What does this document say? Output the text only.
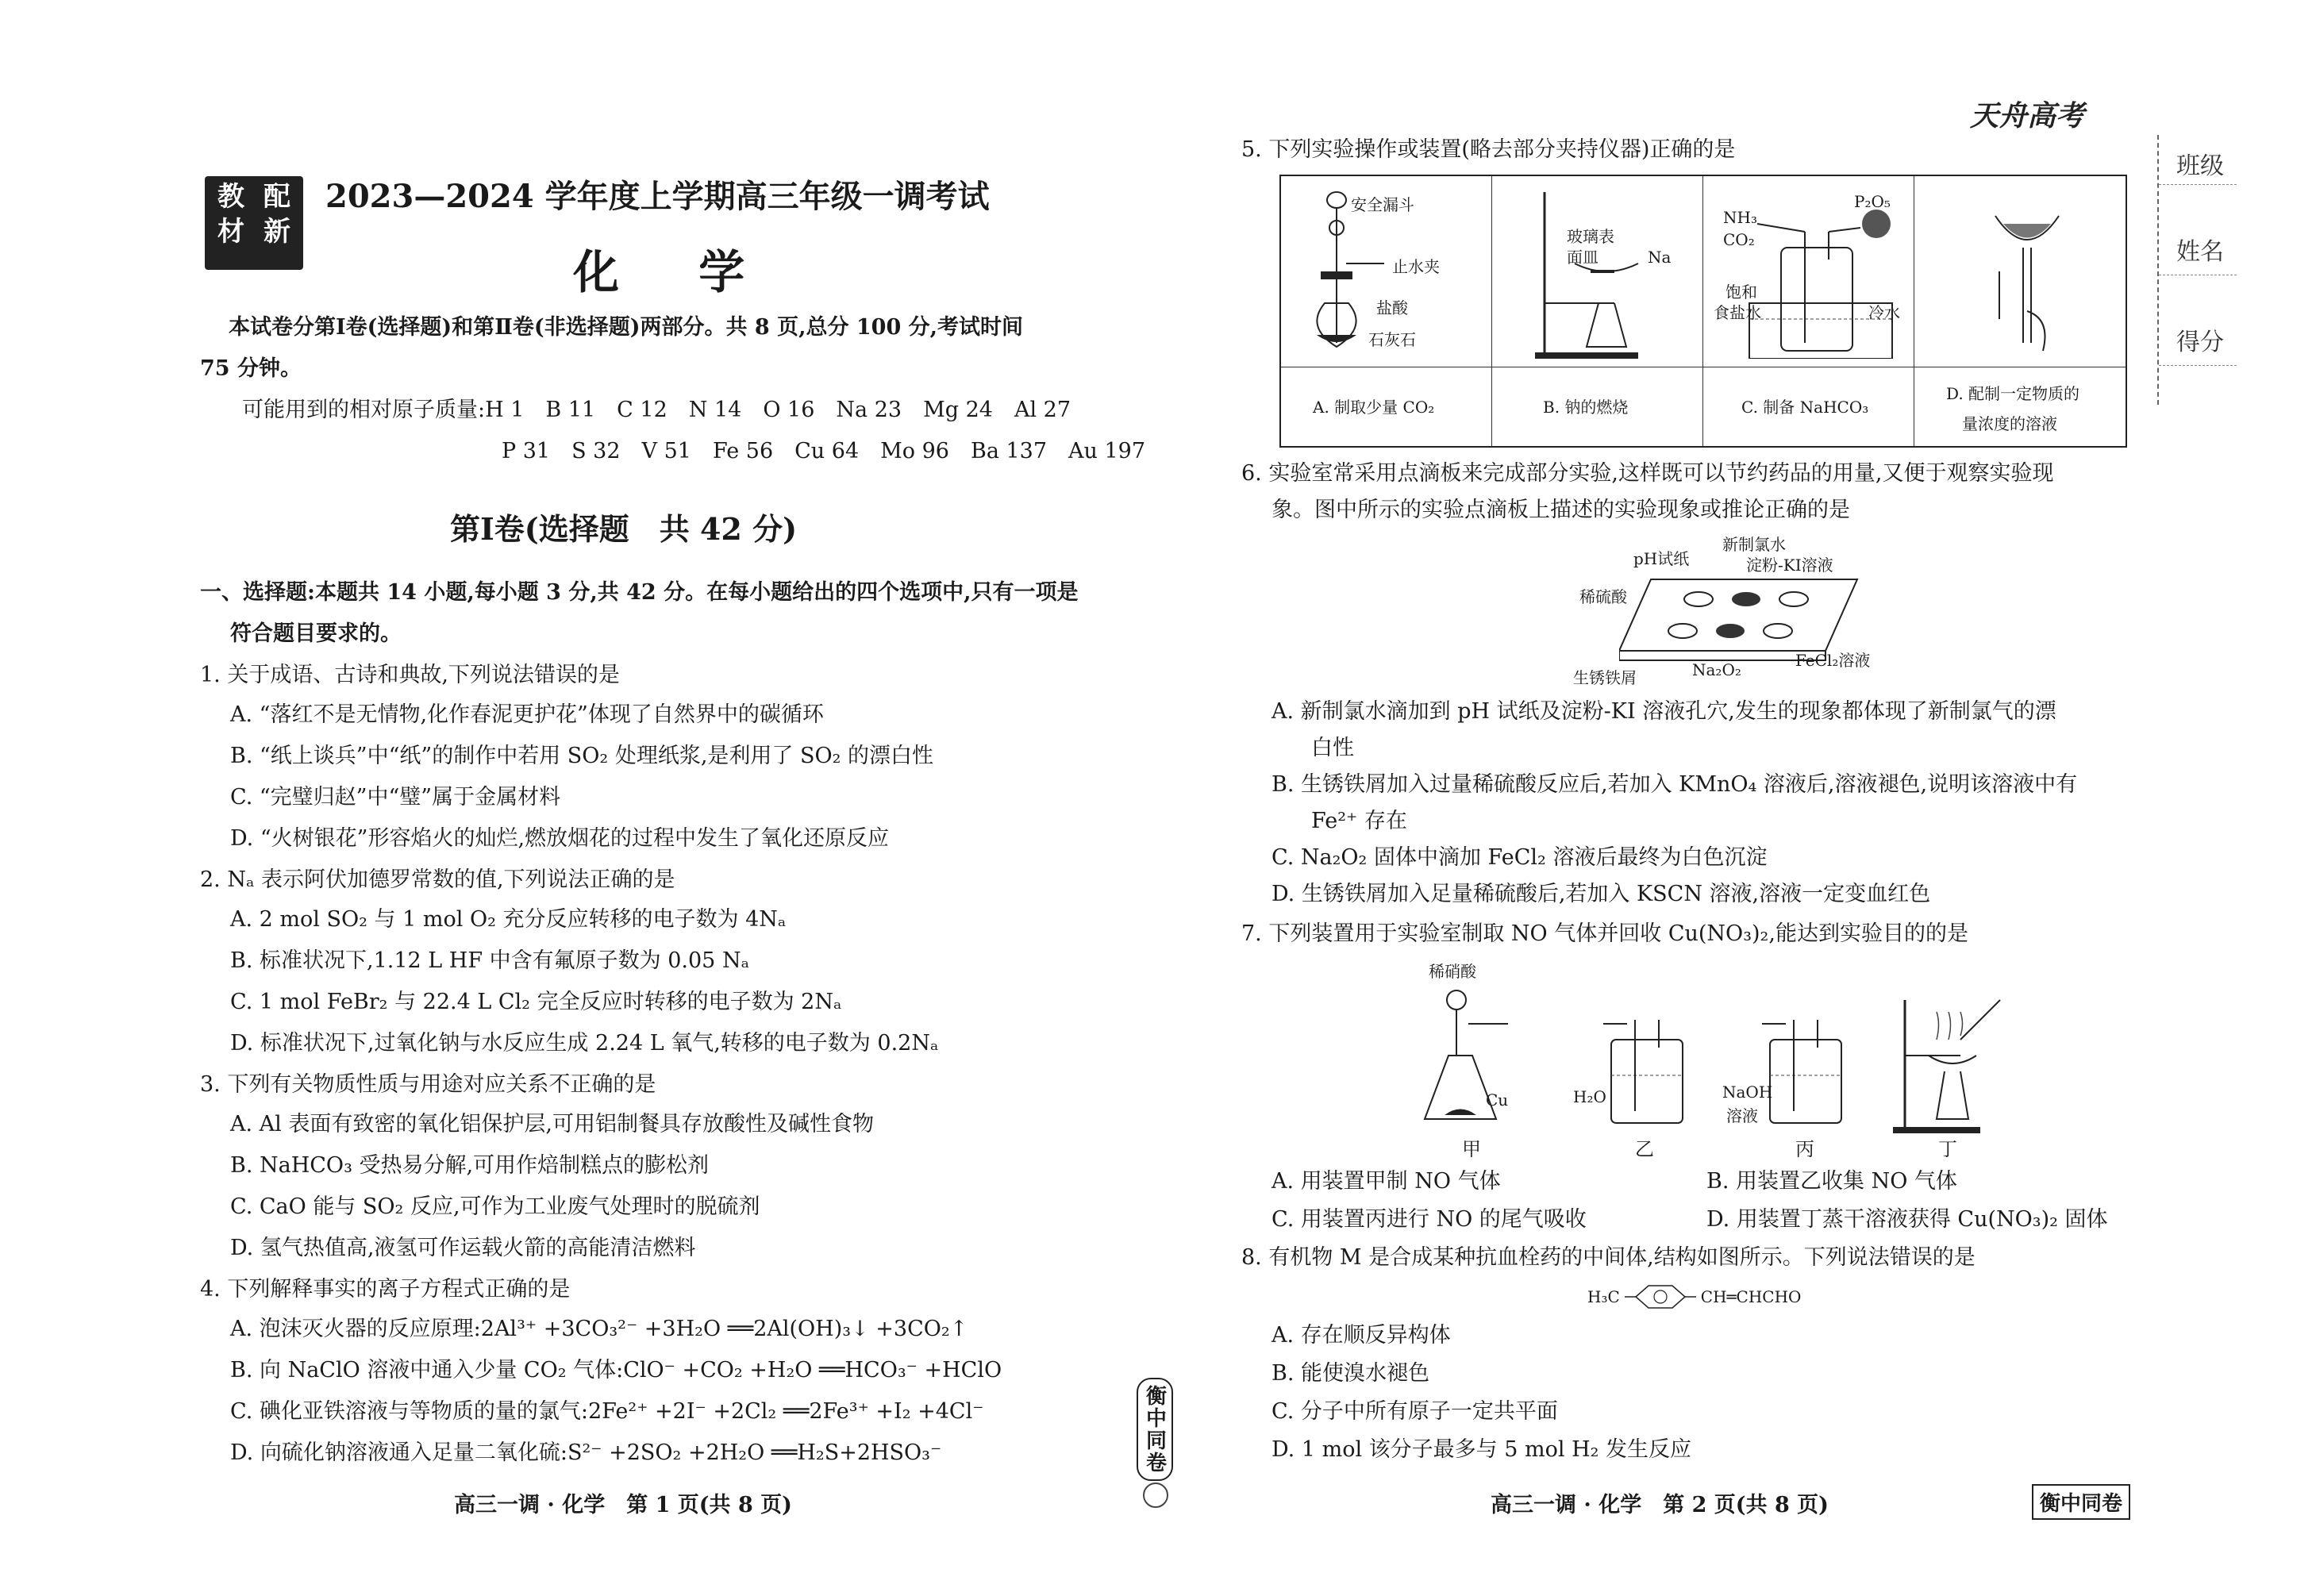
教 配
材 新
2023—2024 学年度上学期高三年级一调考试
化 学
本试卷分第Ⅰ卷(选择题)和第Ⅱ卷(非选择题)两部分。共 8 页,总分 100 分,考试时间
75 分钟。
可能用到的相对原子质量:H 1　B 11　C 12　N 14　O 16　Na 23　Mg 24　Al 27
P 31　S 32　V 51　Fe 56　Cu 64　Mo 96　Ba 137　Au 197
第Ⅰ卷(选择题　共 42 分)
一、选择题:本题共 14 小题,每小题 3 分,共 42 分。在每小题给出的四个选项中,只有一项是
符合题目要求的。
1. 关于成语、古诗和典故,下列说法错误的是
A. “落红不是无情物,化作春泥更护花”体现了自然界中的碳循环
B. “纸上谈兵”中“纸”的制作中若用 SO₂ 处理纸浆,是利用了 SO₂ 的漂白性
C. “完璧归赵”中“璧”属于金属材料
D. “火树银花”形容焰火的灿烂,燃放烟花的过程中发生了氧化还原反应
2. Nₐ 表示阿伏加德罗常数的值,下列说法正确的是
A. 2 mol SO₂ 与 1 mol O₂ 充分反应转移的电子数为 4Nₐ
B. 标准状况下,1.12 L HF 中含有氟原子数为 0.05 Nₐ
C. 1 mol FeBr₂ 与 22.4 L Cl₂ 完全反应时转移的电子数为 2Nₐ
D. 标准状况下,过氧化钠与水反应生成 2.24 L 氧气,转移的电子数为 0.2Nₐ
3. 下列有关物质性质与用途对应关系不正确的是
A. Al 表面有致密的氧化铝保护层,可用铝制餐具存放酸性及碱性食物
B. NaHCO₃ 受热易分解,可用作焙制糕点的膨松剂
C. CaO 能与 SO₂ 反应,可作为工业废气处理时的脱硫剂
D. 氢气热值高,液氢可作运载火箭的高能清洁燃料
4. 下列解释事实的离子方程式正确的是
A. 泡沫灭火器的反应原理:2Al³⁺ +3CO₃²⁻ +3H₂O ══2Al(OH)₃↓ +3CO₂↑
B. 向 NaClO 溶液中通入少量 CO₂ 气体:ClO⁻ +CO₂ +H₂O ══HCO₃⁻ +HClO
C. 碘化亚铁溶液与等物质的量的氯气:2Fe²⁺ +2I⁻ +2Cl₂ ══2Fe³⁺ +I₂ +4Cl⁻
D. 向硫化钠溶液通入足量二氧化硫:S²⁻ +2SO₂ +2H₂O ══H₂S+2HSO₃⁻
高三一调 · 化学　第 1 页(共 8 页)
衡中同卷
天舟高考
班级
姓名
得分
5. 下列实验操作或装置(略去部分夹持仪器)正确的是
安全漏斗
止水夹
盐酸
石灰石
A. 制取少量 CO₂
玻璃表
面皿	Na
B. 钠的燃烧
NH₃
CO₂
P₂O₅
饱和
食盐水	冷水
C. 制备 NaHCO₃
D. 配制一定物质的
量浓度的溶液
6. 实验室常采用点滴板来完成部分实验,这样既可以节约药品的用量,又便于观察实验现
象。图中所示的实验点滴板上描述的实验现象或推论正确的是
新制氯水
pH试纸	淀粉-KI溶液
稀硫酸
FeCl₂溶液
生锈铁屑	Na₂O₂
A. 新制氯水滴加到 pH 试纸及淀粉-KI 溶液孔穴,发生的现象都体现了新制氯气的漂
白性
B. 生锈铁屑加入过量稀硫酸反应后,若加入 KMnO₄ 溶液后,溶液褪色,说明该溶液中有
Fe²⁺ 存在
C. Na₂O₂ 固体中滴加 FeCl₂ 溶液后最终为白色沉淀
D. 生锈铁屑加入足量稀硫酸后,若加入 KSCN 溶液,溶液一定变血红色
7. 下列装置用于实验室制取 NO 气体并回收 Cu(NO₃)₂,能达到实验目的的是
稀硝酸
Cu	H₂O	NaOH
溶液
甲	乙	丙	丁
A. 用装置甲制 NO 气体	B. 用装置乙收集 NO 气体
C. 用装置丙进行 NO 的尾气吸收	D. 用装置丁蒸干溶液获得 Cu(NO₃)₂ 固体
8. 有机物 M 是合成某种抗血栓药的中间体,结构如图所示。下列说法错误的是
H₃C	CH═CHCHO
A. 存在顺反异构体
B. 能使溴水褪色
C. 分子中所有原子一定共平面
D. 1 mol 该分子最多与 5 mol H₂ 发生反应
高三一调 · 化学　第 2 页(共 8 页)	衡中同卷
